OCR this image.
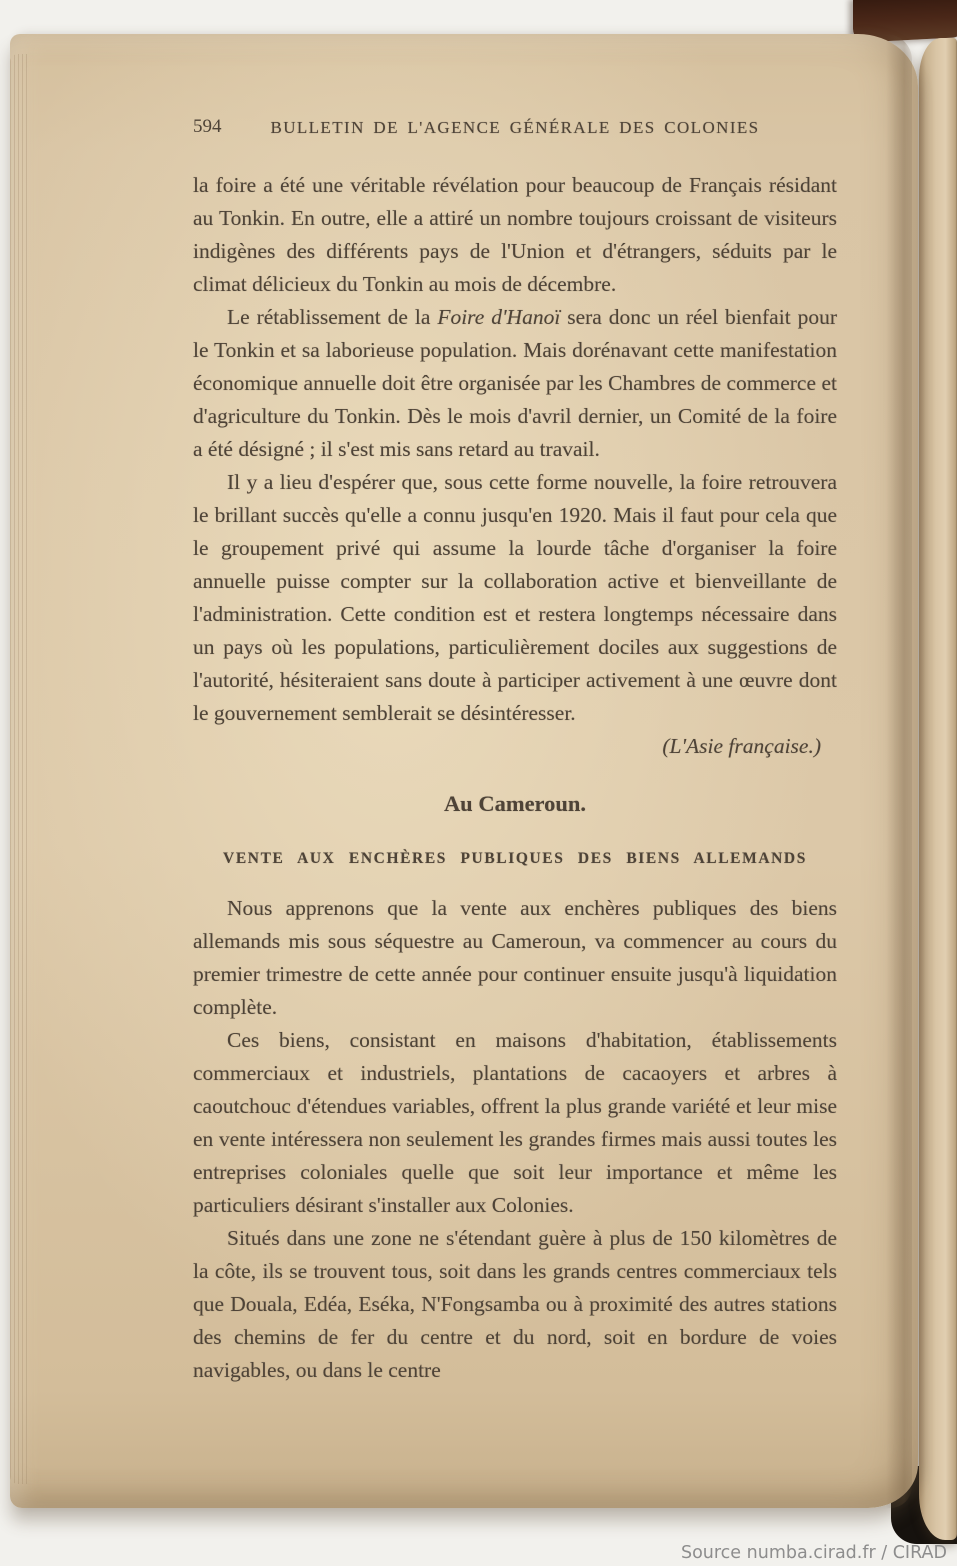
594	BULLETIN DE L'AGENCE GÉNÉRALE DES COLONIES

la foire a été une véritable révélation pour beaucoup de Français résidant au Tonkin. En outre, elle a attiré un nombre toujours croissant de visiteurs indigènes des différents pays de l'Union et d'étrangers, séduits par le climat délicieux du Tonkin au mois de décembre.

Le rétablissement de la Foire d'Hanoï sera donc un réel bienfait pour le Tonkin et sa laborieuse population. Mais dorénavant cette manifestation économique annuelle doit être organisée par les Chambres de commerce et d'agriculture du Tonkin. Dès le mois d'avril dernier, un Comité de la foire a été désigné ; il s'est mis sans retard au travail.

Il y a lieu d'espérer que, sous cette forme nouvelle, la foire retrouvera le brillant succès qu'elle a connu jusqu'en 1920. Mais il faut pour cela que le groupement privé qui assume la lourde tâche d'organiser la foire annuelle puisse compter sur la collaboration active et bienveillante de l'administration. Cette condition est et restera longtemps nécessaire dans un pays où les populations, particulièrement dociles aux suggestions de l'autorité, hésiteraient sans doute à participer activement à une œuvre dont le gouvernement semblerait se désintéresser.

(L'Asie française.)
Au Cameroun.
VENTE AUX ENCHÈRES PUBLIQUES DES BIENS ALLEMANDS

Nous apprenons que la vente aux enchères publiques des biens allemands mis sous séquestre au Cameroun, va commencer au cours du premier trimestre de cette année pour continuer ensuite jusqu'à liquidation complète.

Ces biens, consistant en maisons d'habitation, établissements commerciaux et industriels, plantations de cacaoyers et arbres à caoutchouc d'étendues variables, offrent la plus grande variété et leur mise en vente intéressera non seulement les grandes firmes mais aussi toutes les entreprises coloniales quelle que soit leur importance et même les particuliers désirant s'installer aux Colonies.

Situés dans une zone ne s'étendant guère à plus de 150 kilomètres de la côte, ils se trouvent tous, soit dans les grands centres commerciaux tels que Douala, Edéa, Eséka, N'Fongsamba ou à proximité des autres stations des chemins de fer du centre et du nord, soit en bordure de voies navigables, ou dans le centre

Source numba.cirad.fr / CIRAD
